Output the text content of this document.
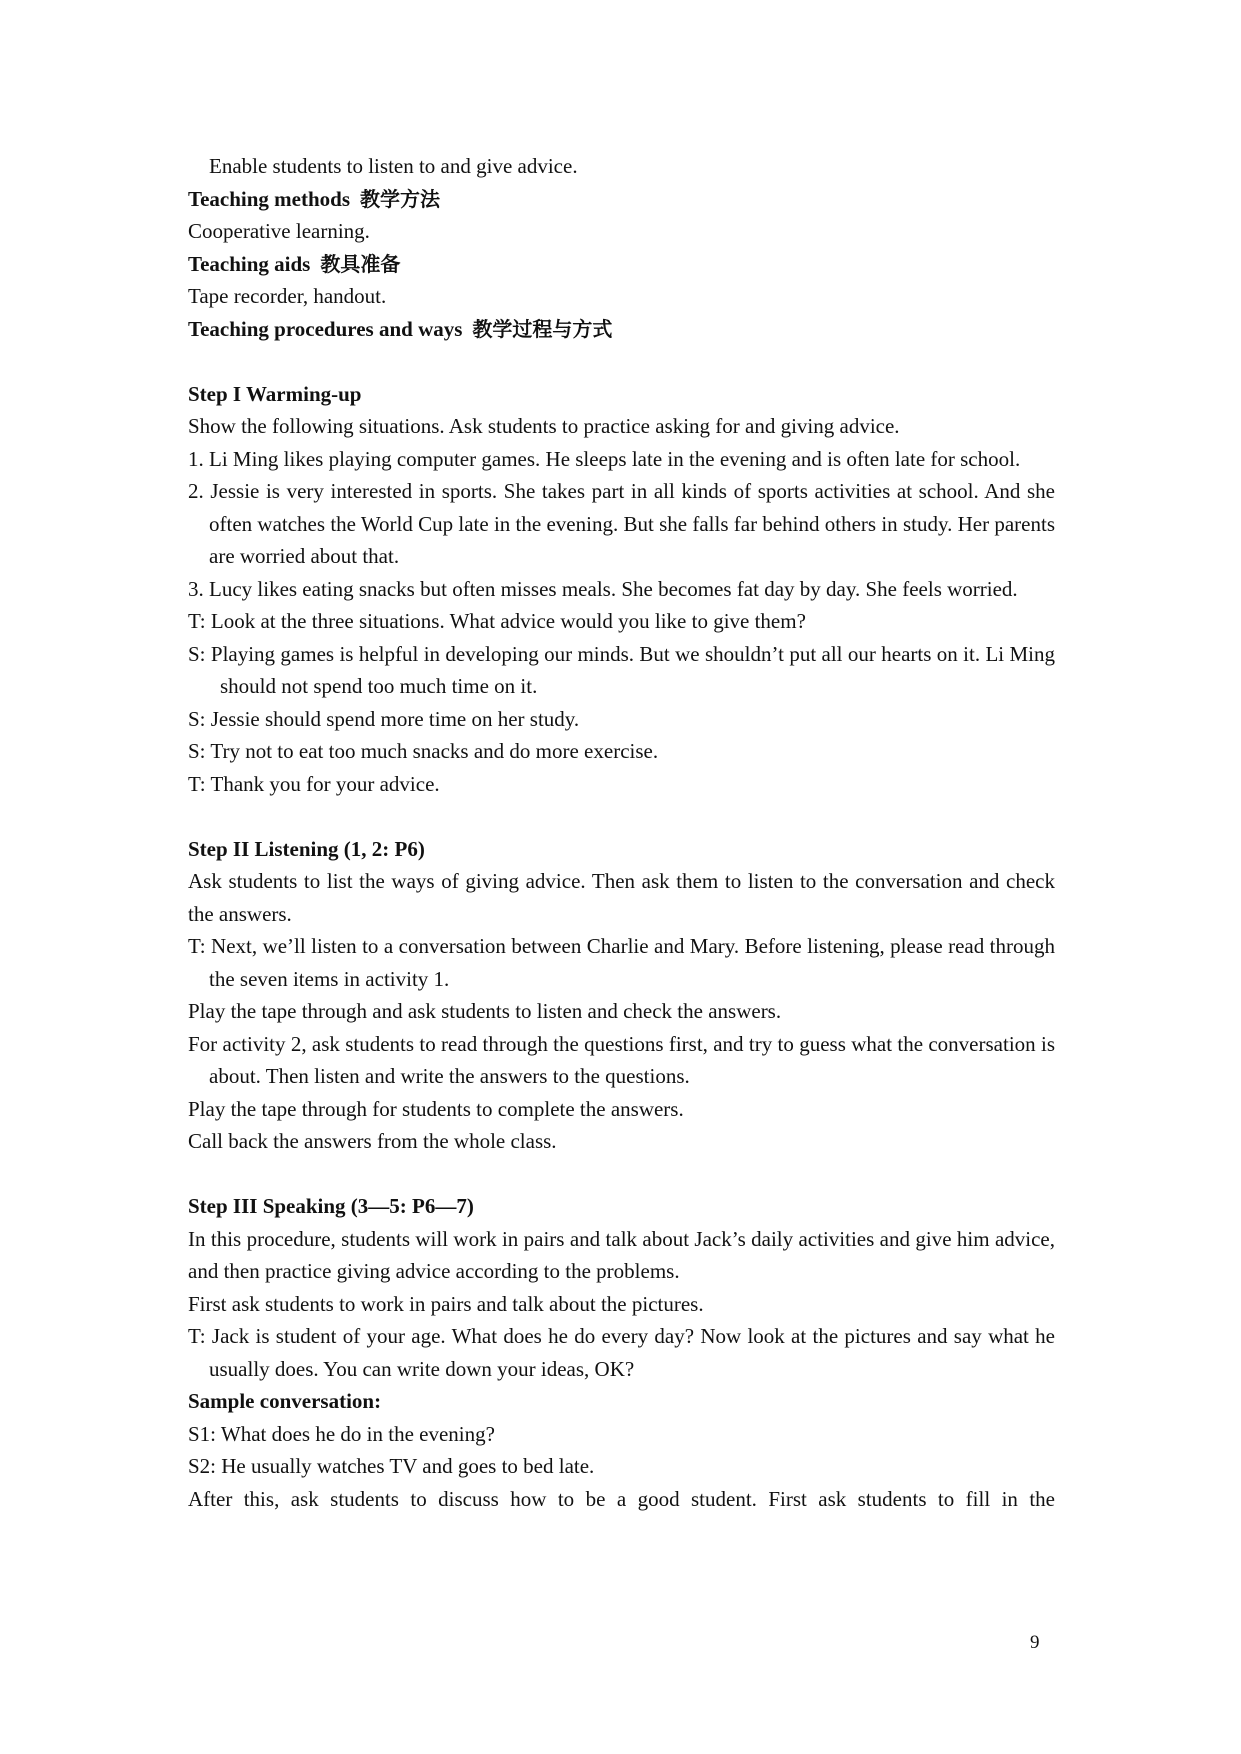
Enable students to listen to and give advice.

Teaching methods 教学方法

Cooperative learning.

Teaching aids 教具准备

Tape recorder, handout.

Teaching procedures and ways 教学过程与方式

Step I Warming-up

Show the following situations. Ask students to practice asking for and giving advice.

1. Li Ming likes playing computer games. He sleeps late in the evening and is often late for school.

2. Jessie is very interested in sports. She takes part in all kinds of sports activities at school. And she often watches the World Cup late in the evening. But she falls far behind others in study. Her parents are worried about that.

3. Lucy likes eating snacks but often misses meals. She becomes fat day by day. She feels worried.

T: Look at the three situations. What advice would you like to give them?

S: Playing games is helpful in developing our minds. But we shouldn’t put all our hearts on it. Li Ming should not spend too much time on it.

S: Jessie should spend more time on her study.

S: Try not to eat too much snacks and do more exercise.

T: Thank you for your advice.

Step II Listening (1, 2: P6)

Ask students to list the ways of giving advice. Then ask them to listen to the conversation and check the answers.

T: Next, we’ll listen to a conversation between Charlie and Mary. Before listening, please read through the seven items in activity 1.

Play the tape through and ask students to listen and check the answers.

For activity 2, ask students to read through the questions first, and try to guess what the conversation is about. Then listen and write the answers to the questions.

Play the tape through for students to complete the answers.

Call back the answers from the whole class.

Step III Speaking (3—5: P6—7)

In this procedure, students will work in pairs and talk about Jack’s daily activities and give him advice, and then practice giving advice according to the problems.

First ask students to work in pairs and talk about the pictures.

T: Jack is student of your age. What does he do every day? Now look at the pictures and say what he usually does. You can write down your ideas, OK?

Sample conversation:

S1: What does he do in the evening?

S2: He usually watches TV and goes to bed late.

After this, ask students to discuss how to be a good student. First ask students to fill in the

9
